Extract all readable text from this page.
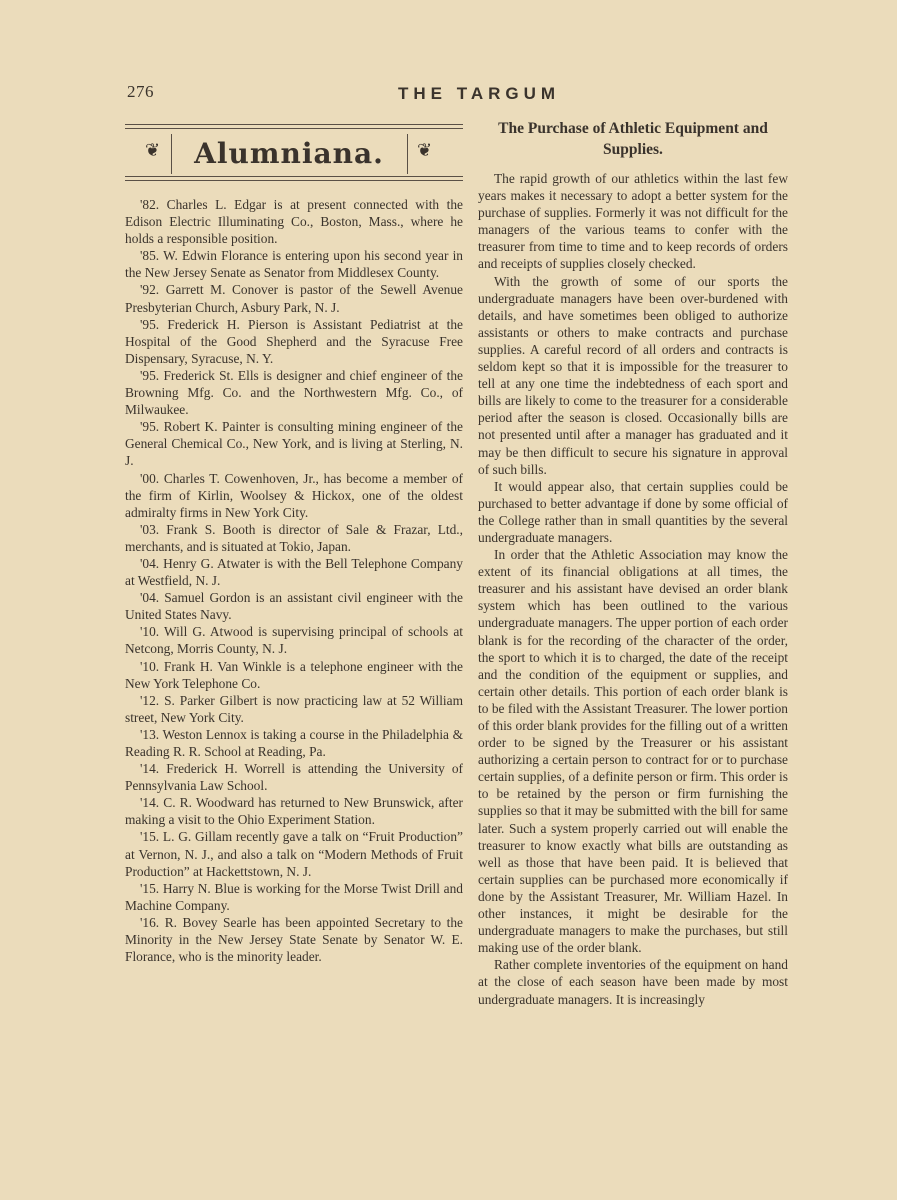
276	THE TARGUM
❦	Alumniana.	❦

'82. Charles L. Edgar is at present connected with the Edison Electric Illuminating Co., Boston, Mass., where he holds a responsible position.

'85. W. Edwin Florance is entering upon his second year in the New Jersey Senate as Senator from Middlesex County.

'92. Garrett M. Conover is pastor of the Sewell Avenue Presbyterian Church, Asbury Park, N. J.

'95. Frederick H. Pierson is Assistant Pediatrist at the Hospital of the Good Shepherd and the Syracuse Free Dispensary, Syracuse, N. Y.

'95. Frederick St. Ells is designer and chief engineer of the Browning Mfg. Co. and the Northwestern Mfg. Co., of Milwaukee.

'95. Robert K. Painter is consulting mining engineer of the General Chemical Co., New York, and is living at Sterling, N. J.

'00. Charles T. Cowenhoven, Jr., has become a member of the firm of Kirlin, Woolsey & Hickox, one of the oldest admiralty firms in New York City.

'03. Frank S. Booth is director of Sale & Frazar, Ltd., merchants, and is situated at Tokio, Japan.

'04. Henry G. Atwater is with the Bell Telephone Company at Westfield, N. J.

'04. Samuel Gordon is an assistant civil engineer with the United States Navy.

'10. Will G. Atwood is supervising principal of schools at Netcong, Morris County, N. J.

'10. Frank H. Van Winkle is a telephone engineer with the New York Telephone Co.

'12. S. Parker Gilbert is now practicing law at 52 William street, New York City.

'13. Weston Lennox is taking a course in the Philadelphia & Reading R. R. School at Reading, Pa.

'14. Frederick H. Worrell is attending the University of Pennsylvania Law School.

'14. C. R. Woodward has returned to New Brunswick, after making a visit to the Ohio Experiment Station.

'15. L. G. Gillam recently gave a talk on “Fruit Production” at Vernon, N. J., and also a talk on “Modern Methods of Fruit Production” at Hackettstown, N. J.

'15. Harry N. Blue is working for the Morse Twist Drill and Machine Company.

'16. R. Bovey Searle has been appointed Secretary to the Minority in the New Jersey State Senate by Senator W. E. Florance, who is the minority leader.

The Purchase of Athletic Equipment and Supplies.

The rapid growth of our athletics within the last few years makes it necessary to adopt a better system for the purchase of supplies. Formerly it was not difficult for the managers of the various teams to confer with the treasurer from time to time and to keep records of orders and receipts of supplies closely checked.

With the growth of some of our sports the undergraduate managers have been over-burdened with details, and have sometimes been obliged to authorize assistants or others to make contracts and purchase supplies. A careful record of all orders and contracts is seldom kept so that it is impossible for the treasurer to tell at any one time the indebtedness of each sport and bills are likely to come to the treasurer for a considerable period after the season is closed. Occasionally bills are not presented until after a manager has graduated and it may be then difficult to secure his signature in approval of such bills.

It would appear also, that certain supplies could be purchased to better advantage if done by some official of the College rather than in small quantities by the several undergraduate managers.

In order that the Athletic Association may know the extent of its financial obligations at all times, the treasurer and his assistant have devised an order blank system which has been outlined to the various undergraduate managers. The upper portion of each order blank is for the recording of the character of the order, the sport to which it is to charged, the date of the receipt and the condition of the equipment or supplies, and certain other details. This portion of each order blank is to be filed with the Assistant Treasurer. The lower portion of this order blank provides for the filling out of a written order to be signed by the Treasurer or his assistant authorizing a certain person to contract for or to purchase certain supplies, of a definite person or firm. This order is to be retained by the person or firm furnishing the supplies so that it may be submitted with the bill for same later. Such a system properly carried out will enable the treasurer to know exactly what bills are outstanding as well as those that have been paid. It is believed that certain supplies can be purchased more economically if done by the Assistant Treasurer, Mr. William Hazel. In other instances, it might be desirable for the undergraduate managers to make the purchases, but still making use of the order blank.

Rather complete inventories of the equipment on hand at the close of each season have been made by most undergraduate managers. It is increasingly
